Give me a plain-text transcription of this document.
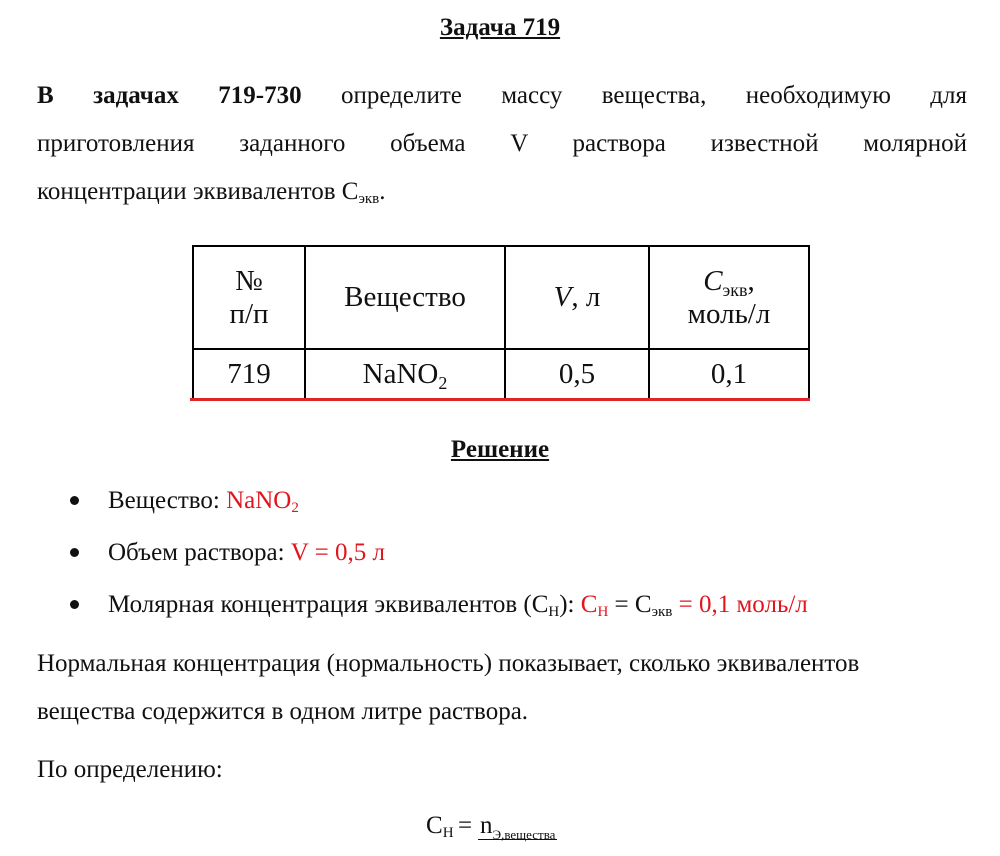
Задача 719
В задачах 719-730 определите массу вещества, необходимую для
приготовления заданного объема V раствора известной молярной
концентрации эквивалентов $С_{экв}$.
№
п/п	Вещество	V, л	$C_{экв}$,
моль/л
719	NaNO$_2$	0,5	0,1
Решение
Вещество: NaNO$_2$
Объем раствора: V = 0,5 л
Молярная концентрация эквивалентов $(С_Н)$: $С_Н = С_{экв} = 0,1$ моль/л
Нормальная концентрация (нормальность) показывает, сколько эквивалентов
вещества содержится в одном литре раствора.
По определению:
$С_Н = n_{Э,вещества}$
